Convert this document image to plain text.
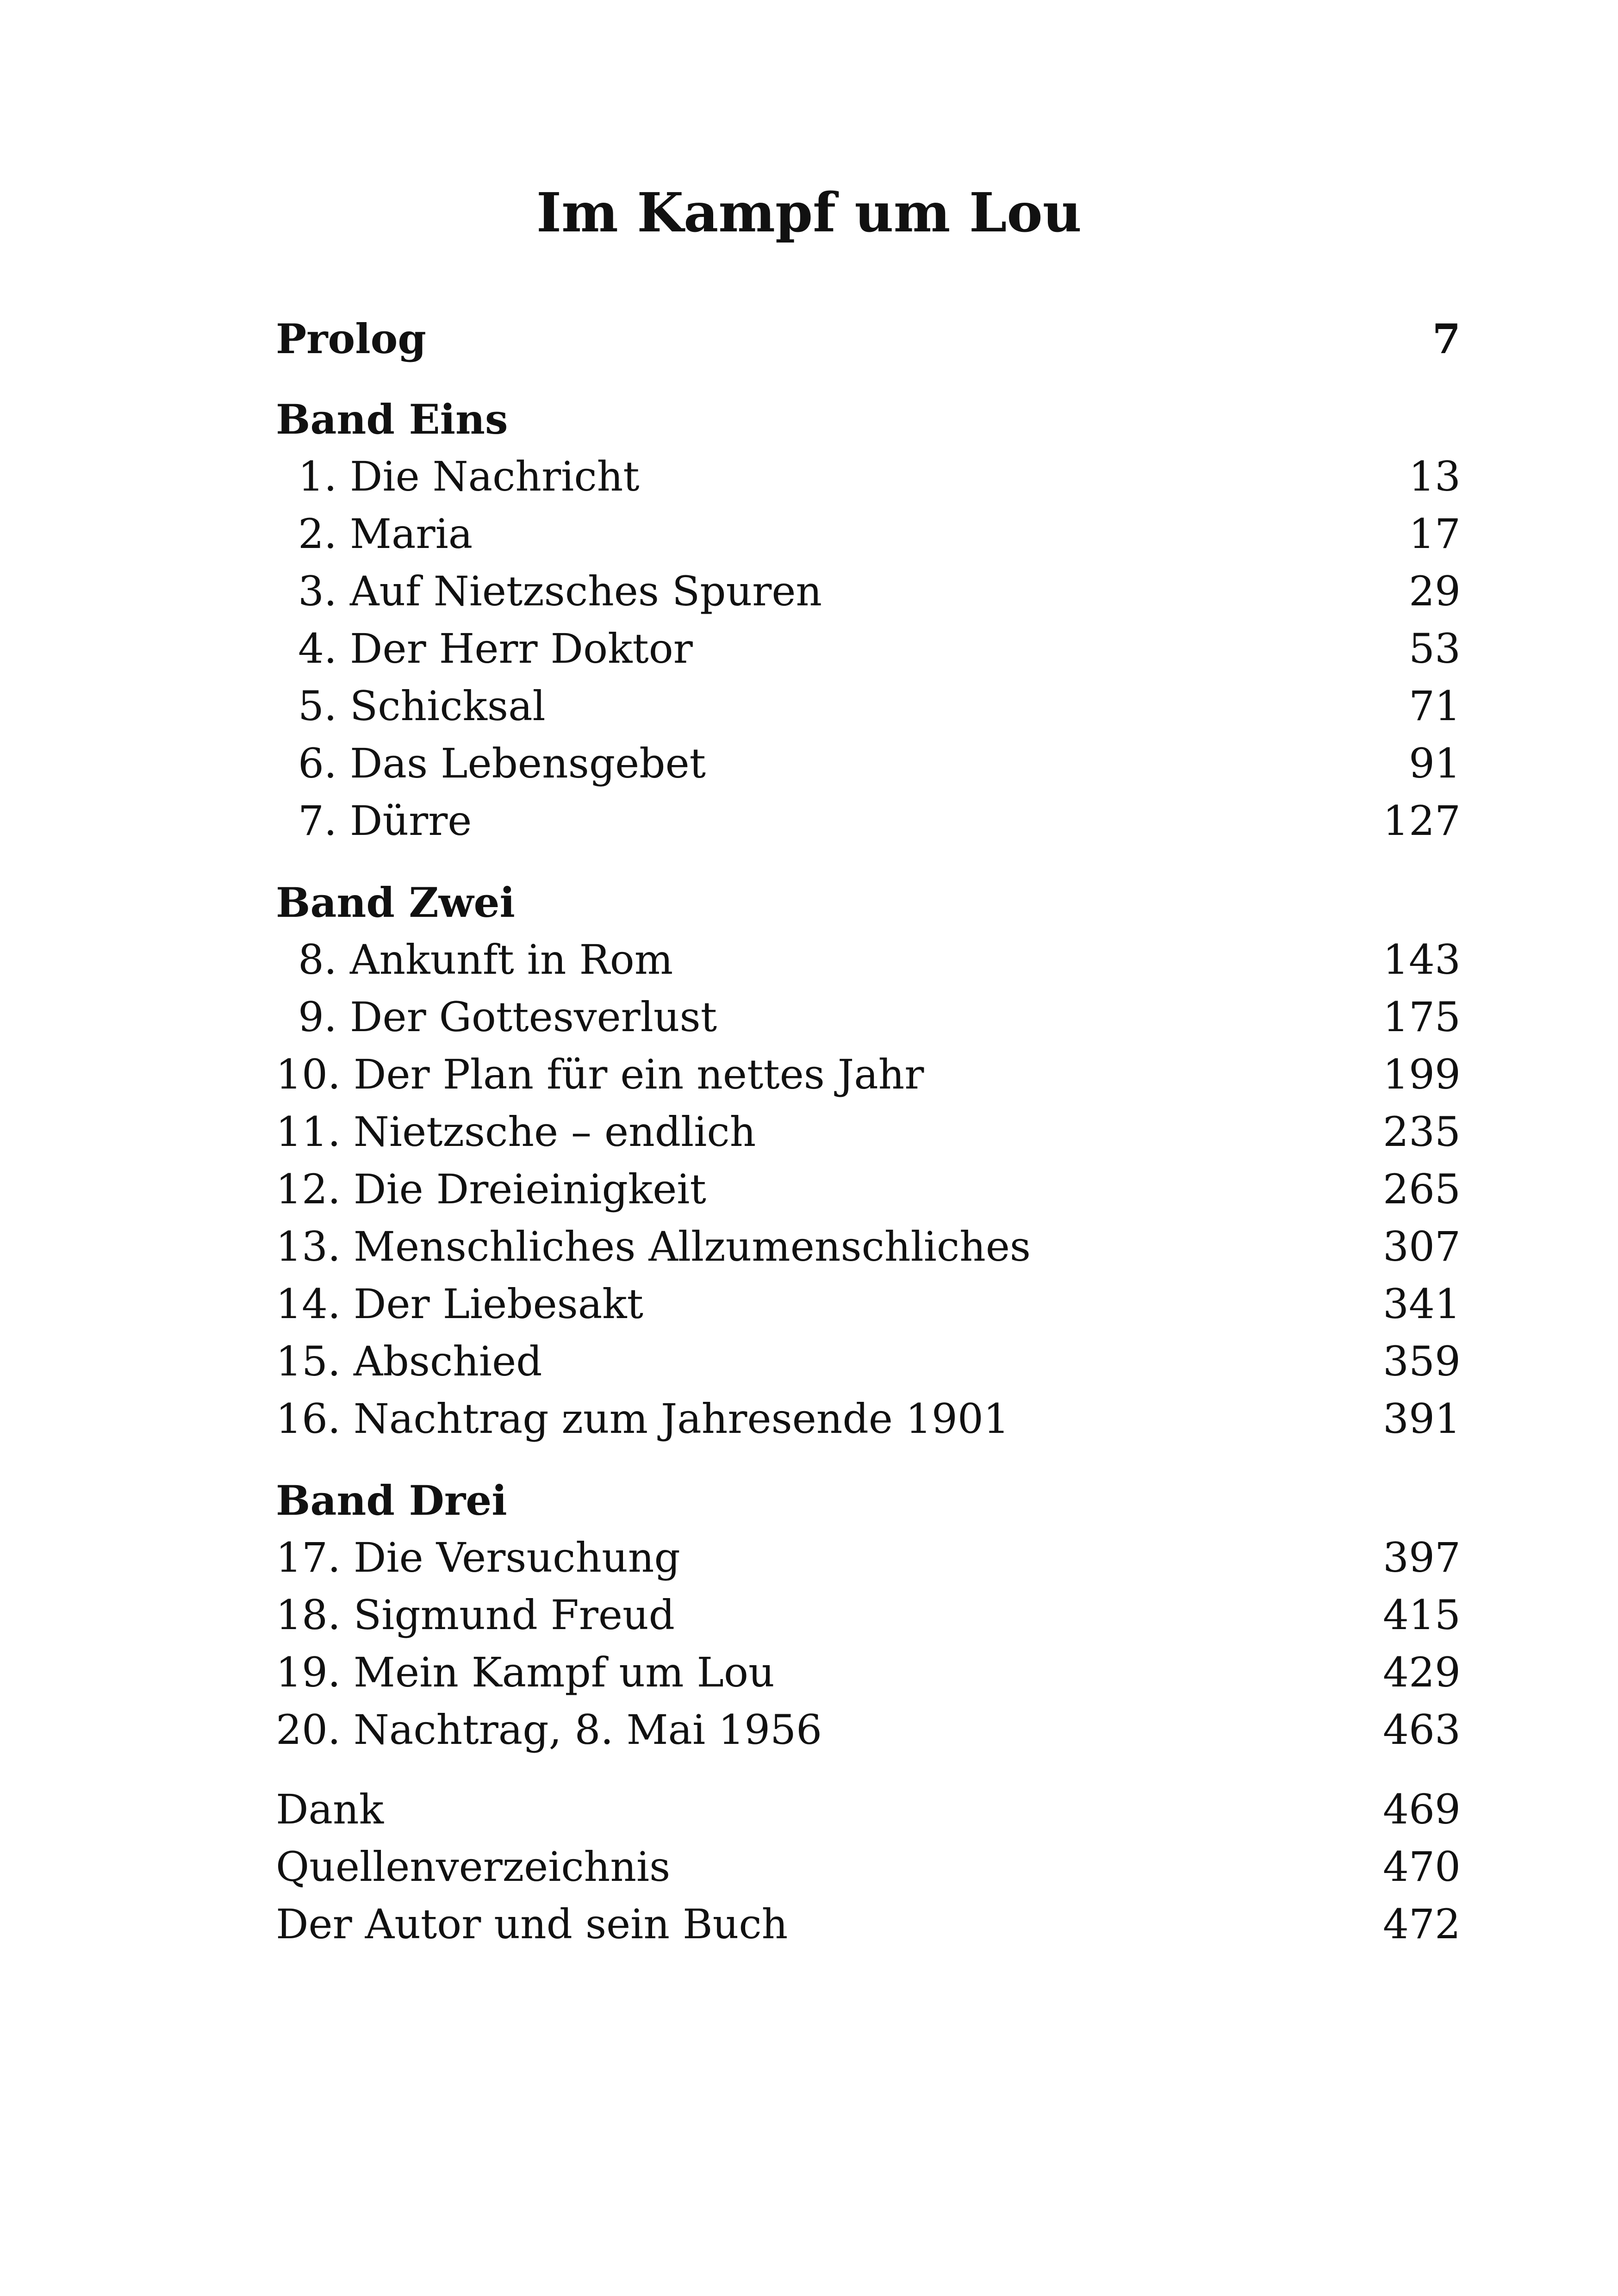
Im Kampf um Lou
Prolog	7
Band Eins
1. Die Nachricht	13
2. Maria	17
3. Auf Nietzsches Spuren	29
4. Der Herr Doktor	53
5. Schicksal	71
6. Das Lebensgebet	91
7. Dürre	127
Band Zwei
8. Ankunft in Rom	143
9. Der Gottesverlust	175
10. Der Plan für ein nettes Jahr	199
11. Nietzsche – endlich	235
12. Die Dreieinigkeit	265
13. Menschliches Allzumenschliches	307
14. Der Liebesakt	341
15. Abschied	359
16. Nachtrag zum Jahresende 1901	391
Band Drei
17. Die Versuchung	397
18. Sigmund Freud	415
19. Mein Kampf um Lou	429
20. Nachtrag, 8. Mai 1956	463
Dank	469
Quellenverzeichnis	470
Der Autor und sein Buch	472
